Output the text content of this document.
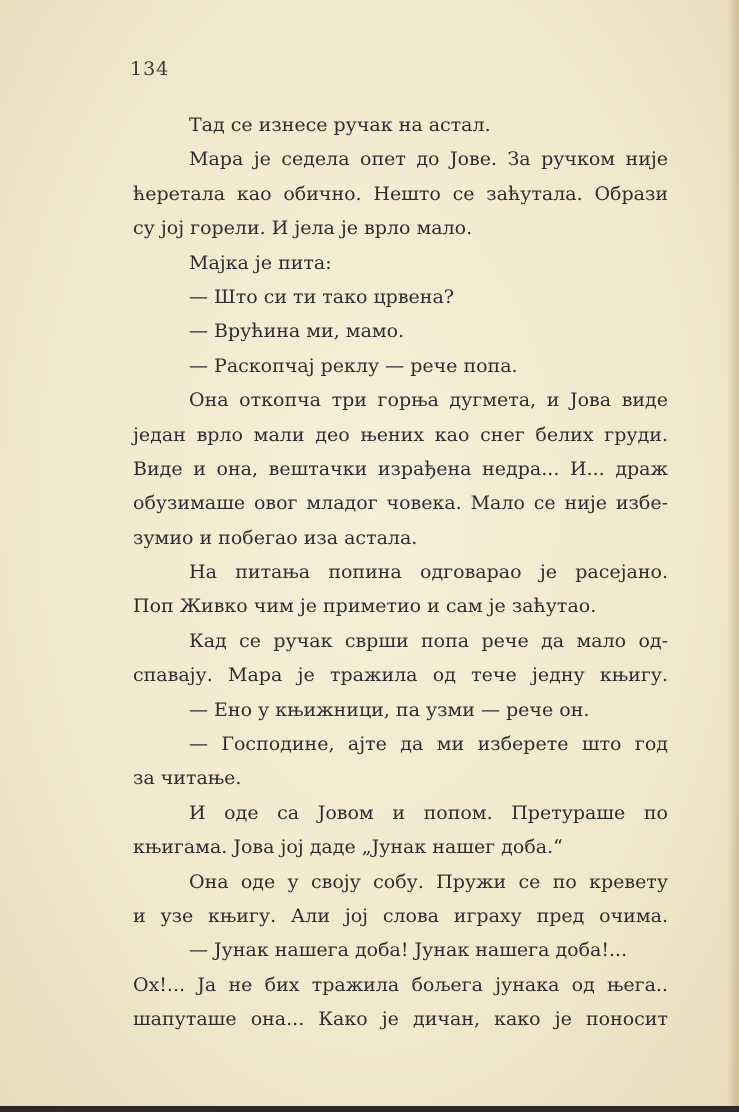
134
Тад се изнесе ручак на астал.
Мара је седела опет до Јове. За ручком није
ћеретала као обично. Нешто се заћутала. Образи
су јој горели. И јела је врло мало.
Мајка је пита:
— Што си ти тако црвена?
— Врућина ми, мамо.
— Раскопчај реклу — рече попа.
Она откопча три горња дугмета, и Јова виде
један врло мали део њених као снег белих груди.
Виде и она, вештачки израђена недра... И... драж
обузимаше овог младог човека. Мало се није избе-
зумио и побегао иза астала.
На питања попина одговарао је расејано.
Поп Живко чим је приметио и сам је заћутао.
Кад се ручак сврши попа рече да мало од-
спавају. Мара је тражила од тече једну књигу.
— Ено у књижници, па узми — рече он.
— Господине, ајте да ми изберете што год
за читање.
И оде са Јовом и попом. Претураше по
књигама. Јова јој даде „Јунак нашег доба.“
Она оде у своју собу. Пружи се по кревету
и узе књигу. Али јој слова играху пред очима.
— Јунак нашега доба! Јунак нашега доба!...
Ох!... Ја не бих тражила бољега јунака од њега..
шапуташе она... Како је дичан, како је поносит
